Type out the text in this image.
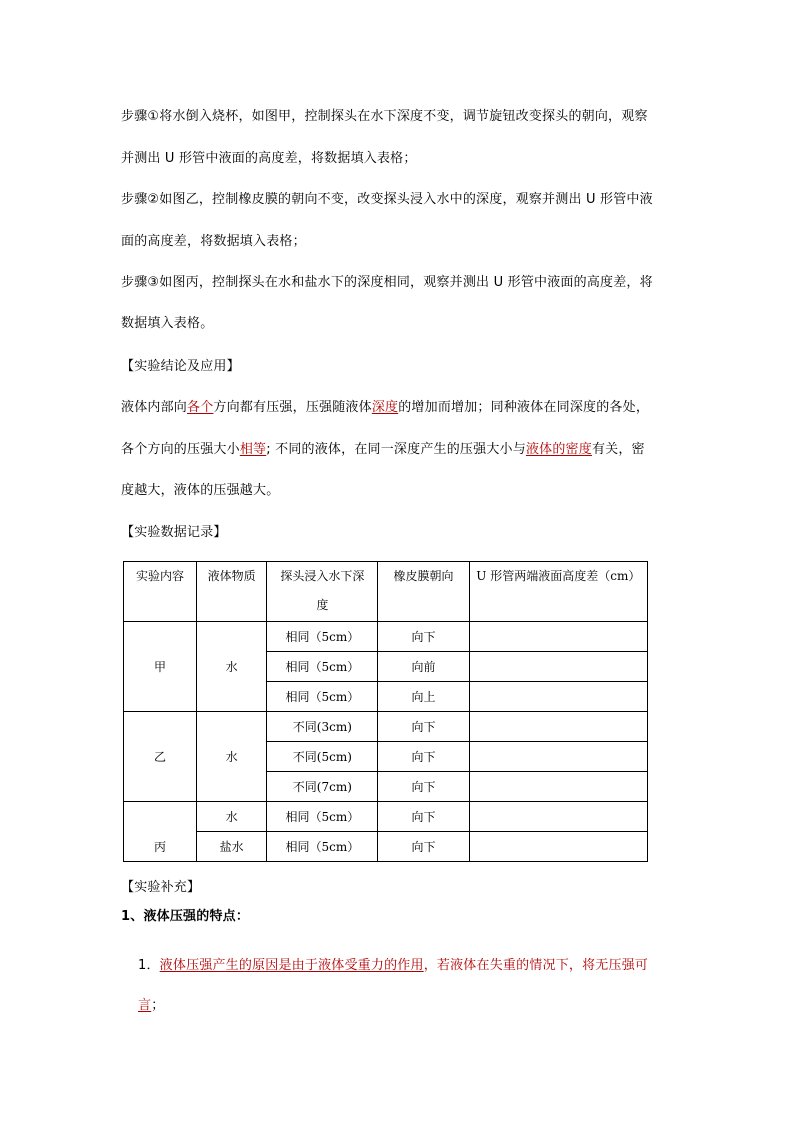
步骤①将水倒入烧杯，如图甲，控制探头在水下深度不变，调节旋钮改变探头的朝向，观察
并测出 U 形管中液面的高度差，将数据填入表格；
步骤②如图乙，控制橡皮膜的朝向不变，改变探头浸入水中的深度，观察并测出 U 形管中液
面的高度差，将数据填入表格；
步骤③如图丙，控制探头在水和盐水下的深度相同，观察并测出 U 形管中液面的高度差，将
数据填入表格。
【实验结论及应用】
液体内部向各个方向都有压强，压强随液体深度的增加而增加；同种液体在同深度的各处，
各个方向的压强大小相等; 不同的液体，在同一深度产生的压强大小与液体的密度有关，密
度越大，液体的压强越大。
【实验数据记录】
实验内容	液体物质	探头浸入水下深
度	橡皮膜朝向	U 形管两端液面高度差（cm）
甲	水	相同（5cm）	向下	
		相同（5cm）	向前	
		相同（5cm）	向上	
乙	水	不同(3cm)	向下	
		不同(5cm)	向下	
		不同(7cm)	向下	
丙	水	相同（5cm）	向下	
	盐水	相同（5cm）	向下	
【实验补充】
1、液体压强的特点：
1．液体压强产生的原因是由于液体受重力的作用，若液体在失重的情况下，将无压强可
言；
